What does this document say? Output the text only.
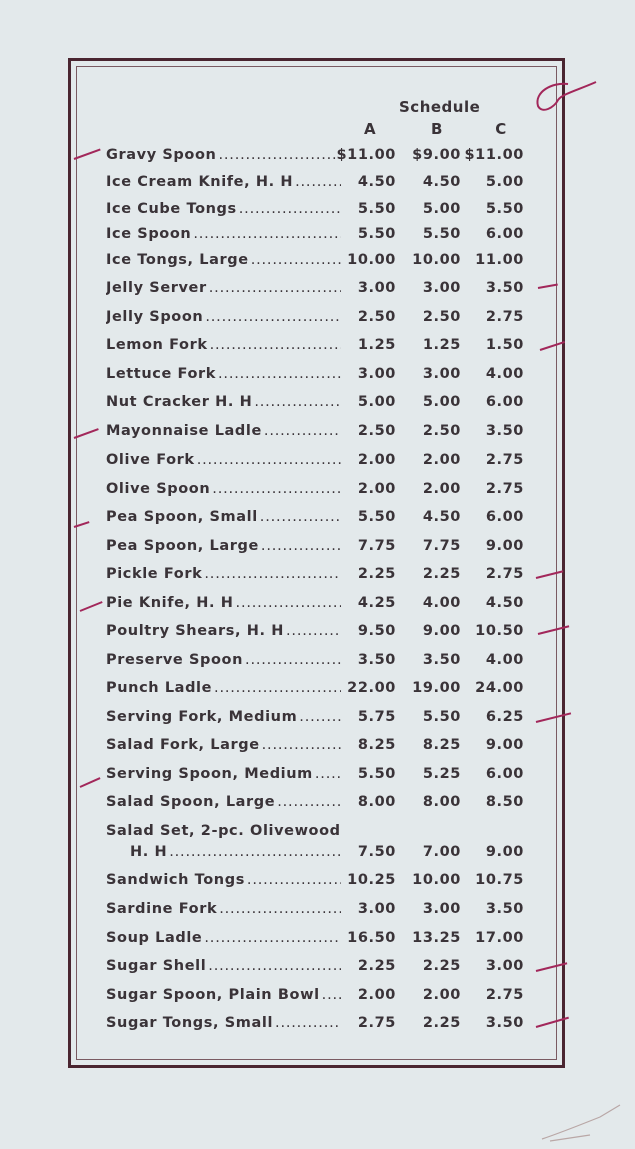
Schedule
A	B	C
Gravy Spoon .....	$11.00	$9.00 $11.00
Ice Cream Knife, H. H .....	4.50	4.50	5.00
Ice Cube Tongs .....	5.50	5.00	5.50
Ice Spoon .....	5.50	5.50	6.00
Ice Tongs, Large .....	10.00	10.00 11.00
Jelly Server .....	3.00	3.00	3.50
Jelly Spoon .....	2.50	2.50	2.75
Lemon Fork .....	1.25	1.25	1.50
Lettuce Fork .....	3.00	3.00	4.00
Nut Cracker H. H .....	5.00	5.00	6.00
Mayonnaise Ladle .....	2.50	2.50	3.50
Olive Fork .....	2.00	2.00	2.75
Olive Spoon .....	2.00	2.00	2.75
Pea Spoon, Small .....	5.50	4.50	6.00
Pea Spoon, Large .....	7.75	7.75	9.00
Pickle Fork .....	2.25	2.25	2.75
Pie Knife, H. H .....	4.25	4.00	4.50
Poultry Shears, H. H .....	9.50	9.00 10.50
Preserve Spoon .....	3.50	3.50	4.00
Punch Ladle .....	22.00	19.00 24.00
Serving Fork, Medium .....	5.75	5.50	6.25
Salad Fork, Large .....	8.25	8.25	9.00
Serving Spoon, Medium .....	5.50	5.25	6.00
Salad Spoon, Large .....	8.00	8.00	8.50
Salad Set, 2-pc. Olivewood
H. H .....	7.50	7.00	9.00
Sandwich Tongs .....	10.25	10.00 10.75
Sardine Fork .....	3.00	3.00	3.50
Soup Ladle .....	16.50	13.25 17.00
Sugar Shell .....	2.25	2.25	3.00
Sugar Spoon, Plain Bowl .....	2.00	2.00	2.75
Sugar Tongs, Small .....	2.75	2.25	3.50
